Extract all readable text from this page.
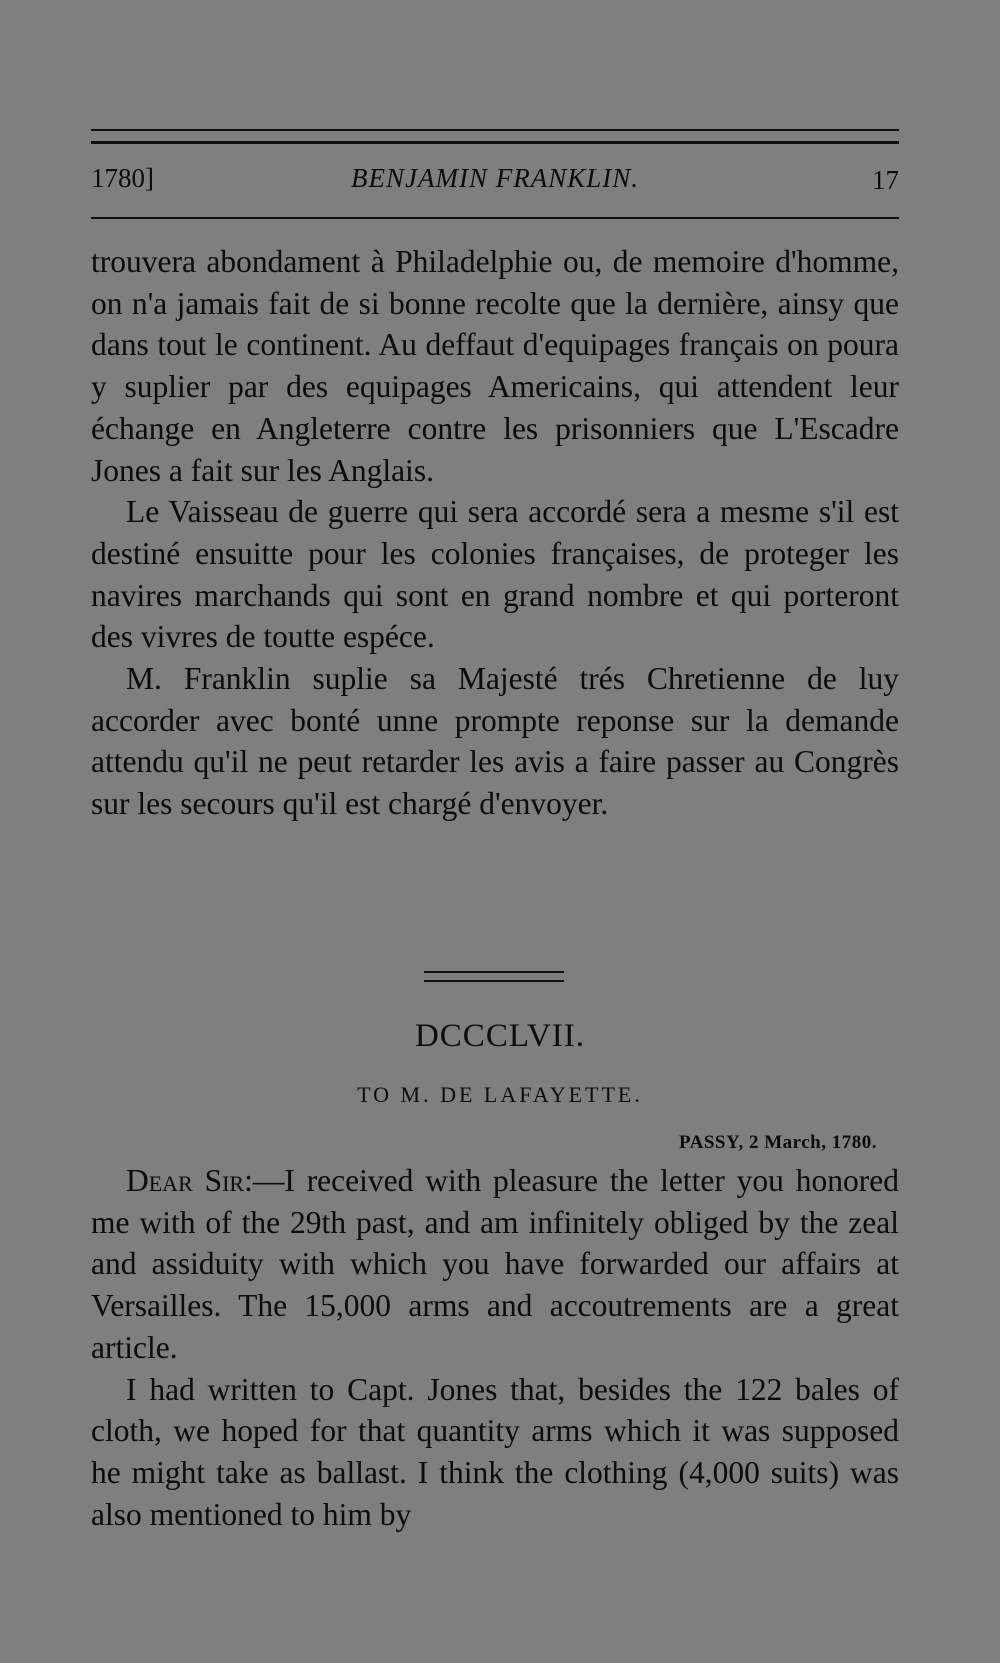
1780]	BENJAMIN FRANKLIN.	17

trouvera abondament à Philadelphie ou, de memoire d'homme, on n'a jamais fait de si bonne recolte que la dernière, ainsy que dans tout le continent. Au deffaut d'equipages français on poura y suplier par des equipages Americains, qui attendent leur échange en Angleterre contre les prisonniers que L'Escadre Jones a fait sur les Anglais.

Le Vaisseau de guerre qui sera accordé sera a mesme s'il est destiné ensuitte pour les colonies françaises, de proteger les navires marchands qui sont en grand nombre et qui porteront des vivres de toutte espéce.

M. Franklin suplie sa Majesté trés Chretienne de luy accorder avec bonté unne prompte reponse sur la demande attendu qu'il ne peut retarder les avis a faire passer au Congrès sur les secours qu'il est chargé d'envoyer.

DCCCLVII.
TO M. DE LAFAYETTE.
PASSY, 2 March, 1780.

Dear Sir:—I received with pleasure the letter you honored me with of the 29th past, and am infinitely obliged by the zeal and assiduity with which you have forwarded our affairs at Versailles. The 15,000 arms and accoutrements are a great article.

I had written to Capt. Jones that, besides the 122 bales of cloth, we hoped for that quantity arms which it was supposed he might take as ballast. I think the clothing (4,000 suits) was also mentioned to him by
